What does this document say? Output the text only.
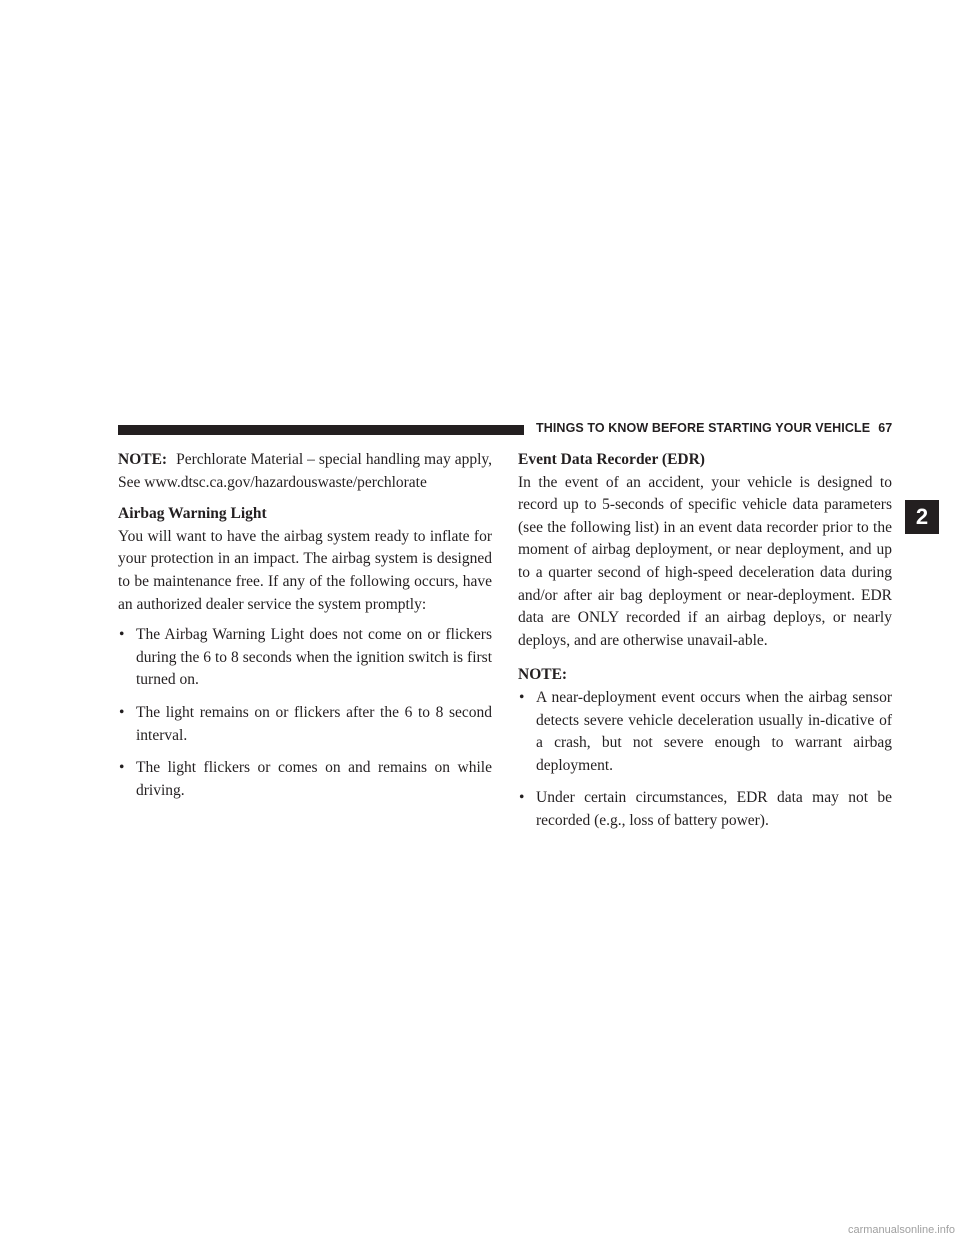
THINGS TO KNOW BEFORE STARTING YOUR VEHICLE 67

NOTE: Perchlorate Material – special handling may apply, See www.dtsc.ca.gov/hazardouswaste/perchlorate

Airbag Warning Light

You will want to have the airbag system ready to inflate for your protection in an impact. The airbag system is designed to be maintenance free. If any of the following occurs, have an authorized dealer service the system promptly:

• The Airbag Warning Light does not come on or flickers during the 6 to 8 seconds when the ignition switch is first turned on.
• The light remains on or flickers after the 6 to 8 second interval.
• The light flickers or comes on and remains on while driving.
Event Data Recorder (EDR)

In the event of an accident, your vehicle is designed to record up to 5-seconds of specific vehicle data parameters (see the following list) in an event data recorder prior to the moment of airbag deployment, or near deployment, and up to a quarter second of high-speed deceleration data during and/or after air bag deployment or near-deployment. EDR data are ONLY recorded if an airbag deploys, or nearly deploys, and are otherwise unavail-able.

NOTE:
• A near-deployment event occurs when the airbag sensor detects severe vehicle deceleration usually in-dicative of a crash, but not severe enough to warrant airbag deployment.
• Under certain circumstances, EDR data may not be recorded (e.g., loss of battery power).
2
carmanualsonline.info
